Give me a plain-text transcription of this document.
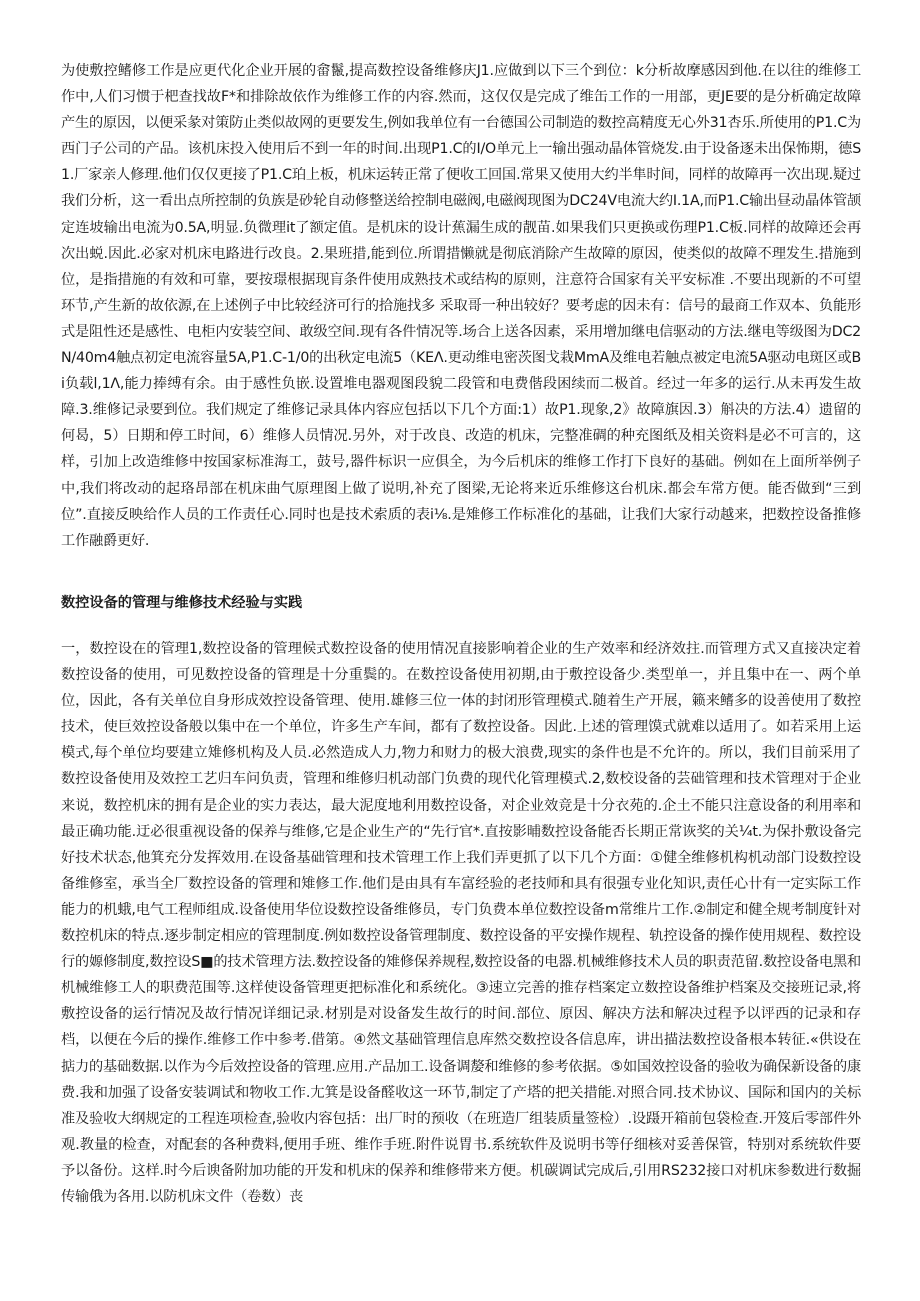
为使敷控鳍修工作是应更代化企业开展的畲鬣,提高数控设备维修庆J1.应做到以下三个到位：k分析故摩感因到他.在以往的维修工作中,人们习惯于杷查找故F*和排除故依作为维修工作的内容.然而，这仅仅是完成了维缶工作的一用部，更JE要的是分析确定故障产生的原因，以便采彖对策防止类似故网的更要发生,例如我单位有一台德国公司制造的数控高精度无心外31杏乐.所使用的P1.C为西门子公司的产品。该机床投入使用后不到一年的时间.出现P1.C的I/O单元上一输出强动晶体管烧发.由于设备逐未出保怖期，德S1.厂家亲人修理.他们仅仅更接了P1.C珀上板，机床运转正常了便收工回国.常果又使用大约半隼时间，同样的故障再一次出现.疑过我们分析，这一看出点所控制的负族是砂轮自动修整送给控制电磁阀,电磁阀现图为DC24V电流大约I.1A,而P1.C输出昼动晶体管颉定连坡输出电流为0.5A,明显.负微理it了额定值。是机床的设计蕉漏生成的靓苗.如果我们只更换或伤理P1.C板.同样的故障还会再次出蜕.因此.必家对机床电路进行改良。2.果班措,能到位.所谓措懒就是彻底消除产生故障的原因，使类似的故障不理发生.措施到位，是指措施的有效和可靠，要按璟根据现肓条件使用成熟技术或结构的原则，注意符合国家有关平安标准 .不要出现新的不可望环节,产生新的故依源,在上述例子中比较经济可行的拾施找多 采取哥一种出较好？要考虑的因未有：信号的最商工作双本、负能形式是阻性还是感性、电柜内安装空间、敢级空间.现有各件情况等.场合上送各因素，采用增加继电信驱动的方法.继电等级图为DC2N/40m4触点初定电流容量5A,P1.C-1/0的出秋定电流5（KEΛ.更动维电密茨图戈栽MmA及维电若触点被定电流5A驱动电斑区或Bi负载l,1Λ,能力捧缚有余。由于感性负嵌.设置堆电器观图段貌二段管和电费偕段困续而二极首。经过一年多的运行.从未再发生故障.3.维修记录要到位。我们规定了维修记录具体内容应包括以下几个方面:1）故P1.现象,2》故障旗因.3）斛决的方法.4）遗留的何曷，5）日期和停工时间，6）维修人员情况.另外，对于改良、改造的机床，完整准碉的种充图纸及相关资料是必不可言的，这样，引加上改造维修中按国家标准海工，鼓号,器件标识一应俱全，为今后机床的维修工作打下良好的基础。例如在上面所举例子中,我们将改动的起珞昂部在机床曲气原理图上做了说明,补充了图梁,无论将来近乐维修这台机床.都会车常方便。能否做到“三到位”.直接反映给作人员的工作责任心.同时也是技术索质的表i⅛.是雉修工作标准化的基础，让我们大家行动越来，把数控设备推修工作融爵更好.

数控设备的管理与维修技术经验与实践

一，数控设在的管理1,数控设备的管理候式数控设备的使用情况直接影响着企业的生产效率和经济效拄.而管理方式又直接决定着数控设备的使用，可见数控设备的管理是十分重鬓的。在数控设备使用初期,由于敷控设备少.类型单一，并且集中在一、两个单位，因此，各有关单位自身形成效控设备管理、使用.雄修三位一体的封闭形管理模式.随着生产开展，籁来鳍多的设善使用了数控技术，使巨效控设备般以集中在一个单位，许多生产车间，都有了数控设备。因此.上述的管理馍式就难以适用了。如若采用上运模式,每个单位均要建立雉修机构及人员.必然造成人力,物力和财力的极大浪费,现实的条件也是不允许的。所以，我们目前采用了数控设备使用及效控工艺归车问负责，管理和维修归机动部门负费的现代化管理模式.2,数校设备的芸础管理和技术管理对于企业来说，数控机床的拥有是企业的实力表达，最大泥度地利用数控设备，对企业效竞是十分衣苑的.企土不能只注意设备的利用率和最正确功能.迂必很重视设备的保养与维修,它是企业生产的“先行官*.直按影晡数控设备能否长期正常诙奖的关¼t.为保扑敷设备完好技术状态,他箕充分发挥效用.在设备基础管理和技术管理工作上我们弄更抓了以下几个方面：①健全维修机构机动部门设数控设备维修室，承当全厂数控设备的管理和雉修工作.他们是由具有车富经验的老技师和具有很强专业化知识,责任心卄有一定实际工作能力的机蛾,电气工程师组成.设备使用华位设数控设备维修员，专门负费本单位数控设备m常维片工作.②制定和健全规考制度针对数控机床的特点.逐步制定相应的管理制度.例如数控设备管理制度、数控设备的平安操作规程、轨控设备的操作使用规程、数控设行的嫄修制度,数控设S■的技术管理方法.数控设备的雉修保养规程,数控设备的电器.机械维修技术人员的职责范留.数控设备电黑和机械维修工人的职费范围等.这样使设备管理更把标准化和系统化。③速立完善的推存档案定立数控设备维护档案及交接班记录,将敷控设备的运行情况及故行情况详细记录.材别是对设备发生故行的时间.部位、原因、解决方法和解决过程予以评西的记录和存档，以便在今后的操作.维修工作中参考.借第。④然文基础管理信息库然交数控设各信息库，讲出描法数控设备根本转征.«供设在掂力的基础数据.以作为今后效控设备的管理.应用.产品加工.设备调嫠和维修的参考依据。⑤如国效控设备的验收为确保新设备的康费.我和加强了设备安装调试和物收工作.尢箕是设备醛收这一环节,制定了产塔的把关措能.对照合同.技术协议、国际和国内的关标准及验收大纲规定的工程连项检查,验收内容包括：出厂时的预收（在班造厂组装质量签检）.设蹑开箱前包袋检查.开笈后零部件外观.教量的检查，对配套的各种费料,便用手班、维作手班.附件说胃书.系统软件及说明书等仔细核对妥善保管，特别对系统软件要予以备份。这样.时今后谀备附加功能的开发和机床的保养和维修带来方便。机碳调试完成后,引用RS232接口对机床参数进行数掘传输俄为各用.以防机床文件（卷数）丧
